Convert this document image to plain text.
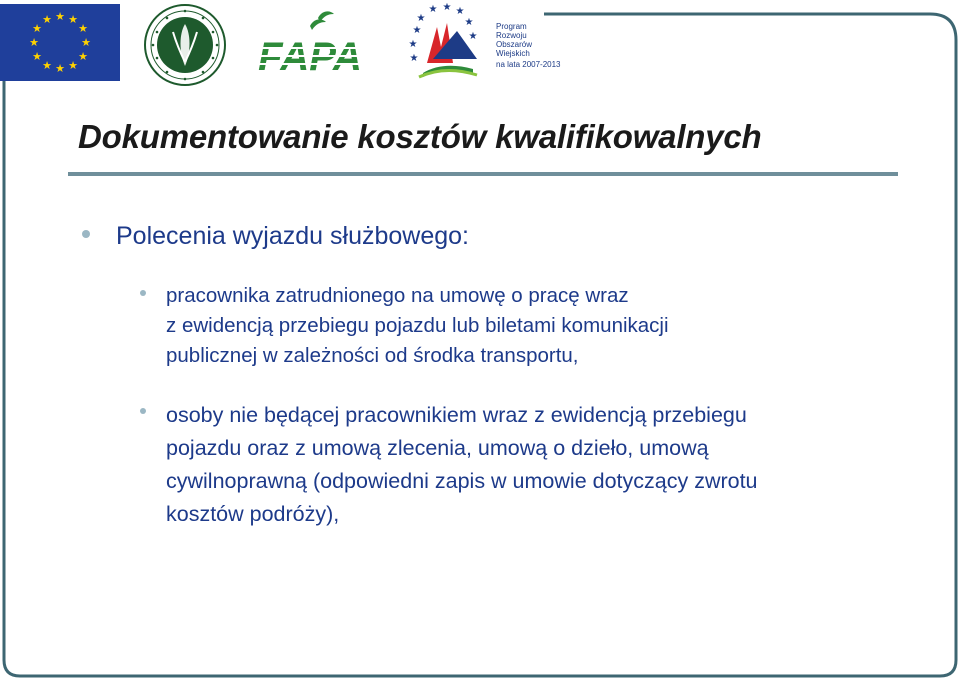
★ ★
★
★
★
★
★
★
★
★
★
★
FAPA
★
★
★ ★ ★
★
★
★
★
Program
Rozwoju
Obszarów
Wiejskich
na lata 2007-2013
Dokumentowanie kosztów kwalifikowalnych
Polecenia wyjazdu służbowego:

pracownika zatrudnionego na umowę o pracę wraz
z ewidencją przebiegu pojazdu lub biletami komunikacji
publicznej w zależności od środka transportu,

osoby nie będącej pracownikiem wraz z ewidencją przebiegu
pojazdu oraz z umową zlecenia, umową o dzieło, umową
cywilnoprawną (odpowiedni zapis w umowie dotyczący zwrotu
kosztów podróży),
